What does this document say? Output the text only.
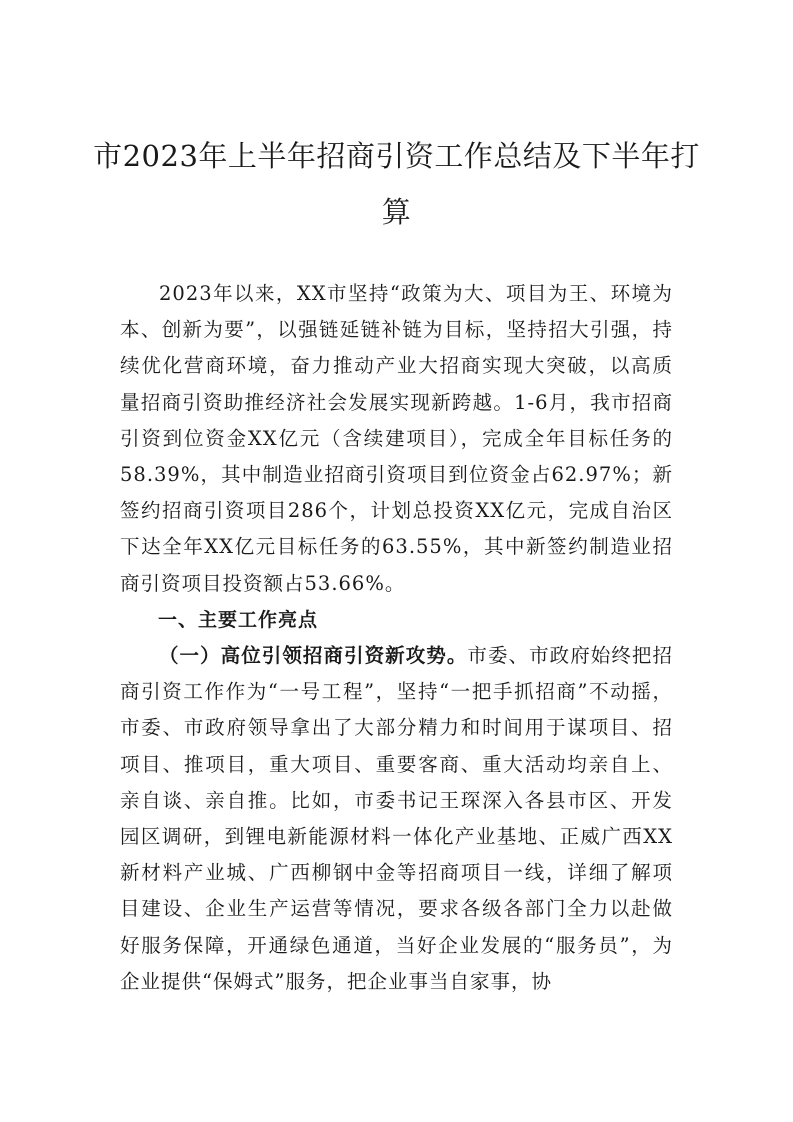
市2023年上半年招商引资工作总结及下半年打算

2023年以来，XX市坚持“政策为大、项目为王、环境为本、创新为要”，以强链延链补链为目标，坚持招大引强，持续优化营商环境，奋力推动产业大招商实现大突破，以高质量招商引资助推经济社会发展实现新跨越。1-6月，我市招商引资到位资金XX亿元（含续建项目），完成全年目标任务的58.39%，其中制造业招商引资项目到位资金占62.97%；新签约招商引资项目286个，计划总投资XX亿元，完成自治区下达全年XX亿元目标任务的63.55%，其中新签约制造业招商引资项目投资额占53.66%。

一、主要工作亮点

（一）高位引领招商引资新攻势。市委、市政府始终把招商引资工作作为“一号工程”，坚持“一把手抓招商”不动摇，市委、市政府领导拿出了大部分精力和时间用于谋项目、招项目、推项目，重大项目、重要客商、重大活动均亲自上、亲自谈、亲自推。比如，市委书记王琛深入各县市区、开发园区调研，到锂电新能源材料一体化产业基地、正威广西XX新材料产业城、广西柳钢中金等招商项目一线，详细了解项目建设、企业生产运营等情况，要求各级各部门全力以赴做好服务保障，开通绿色通道，当好企业发展的“服务员”，为企业提供“保姆式”服务，把企业事当自家事，协
